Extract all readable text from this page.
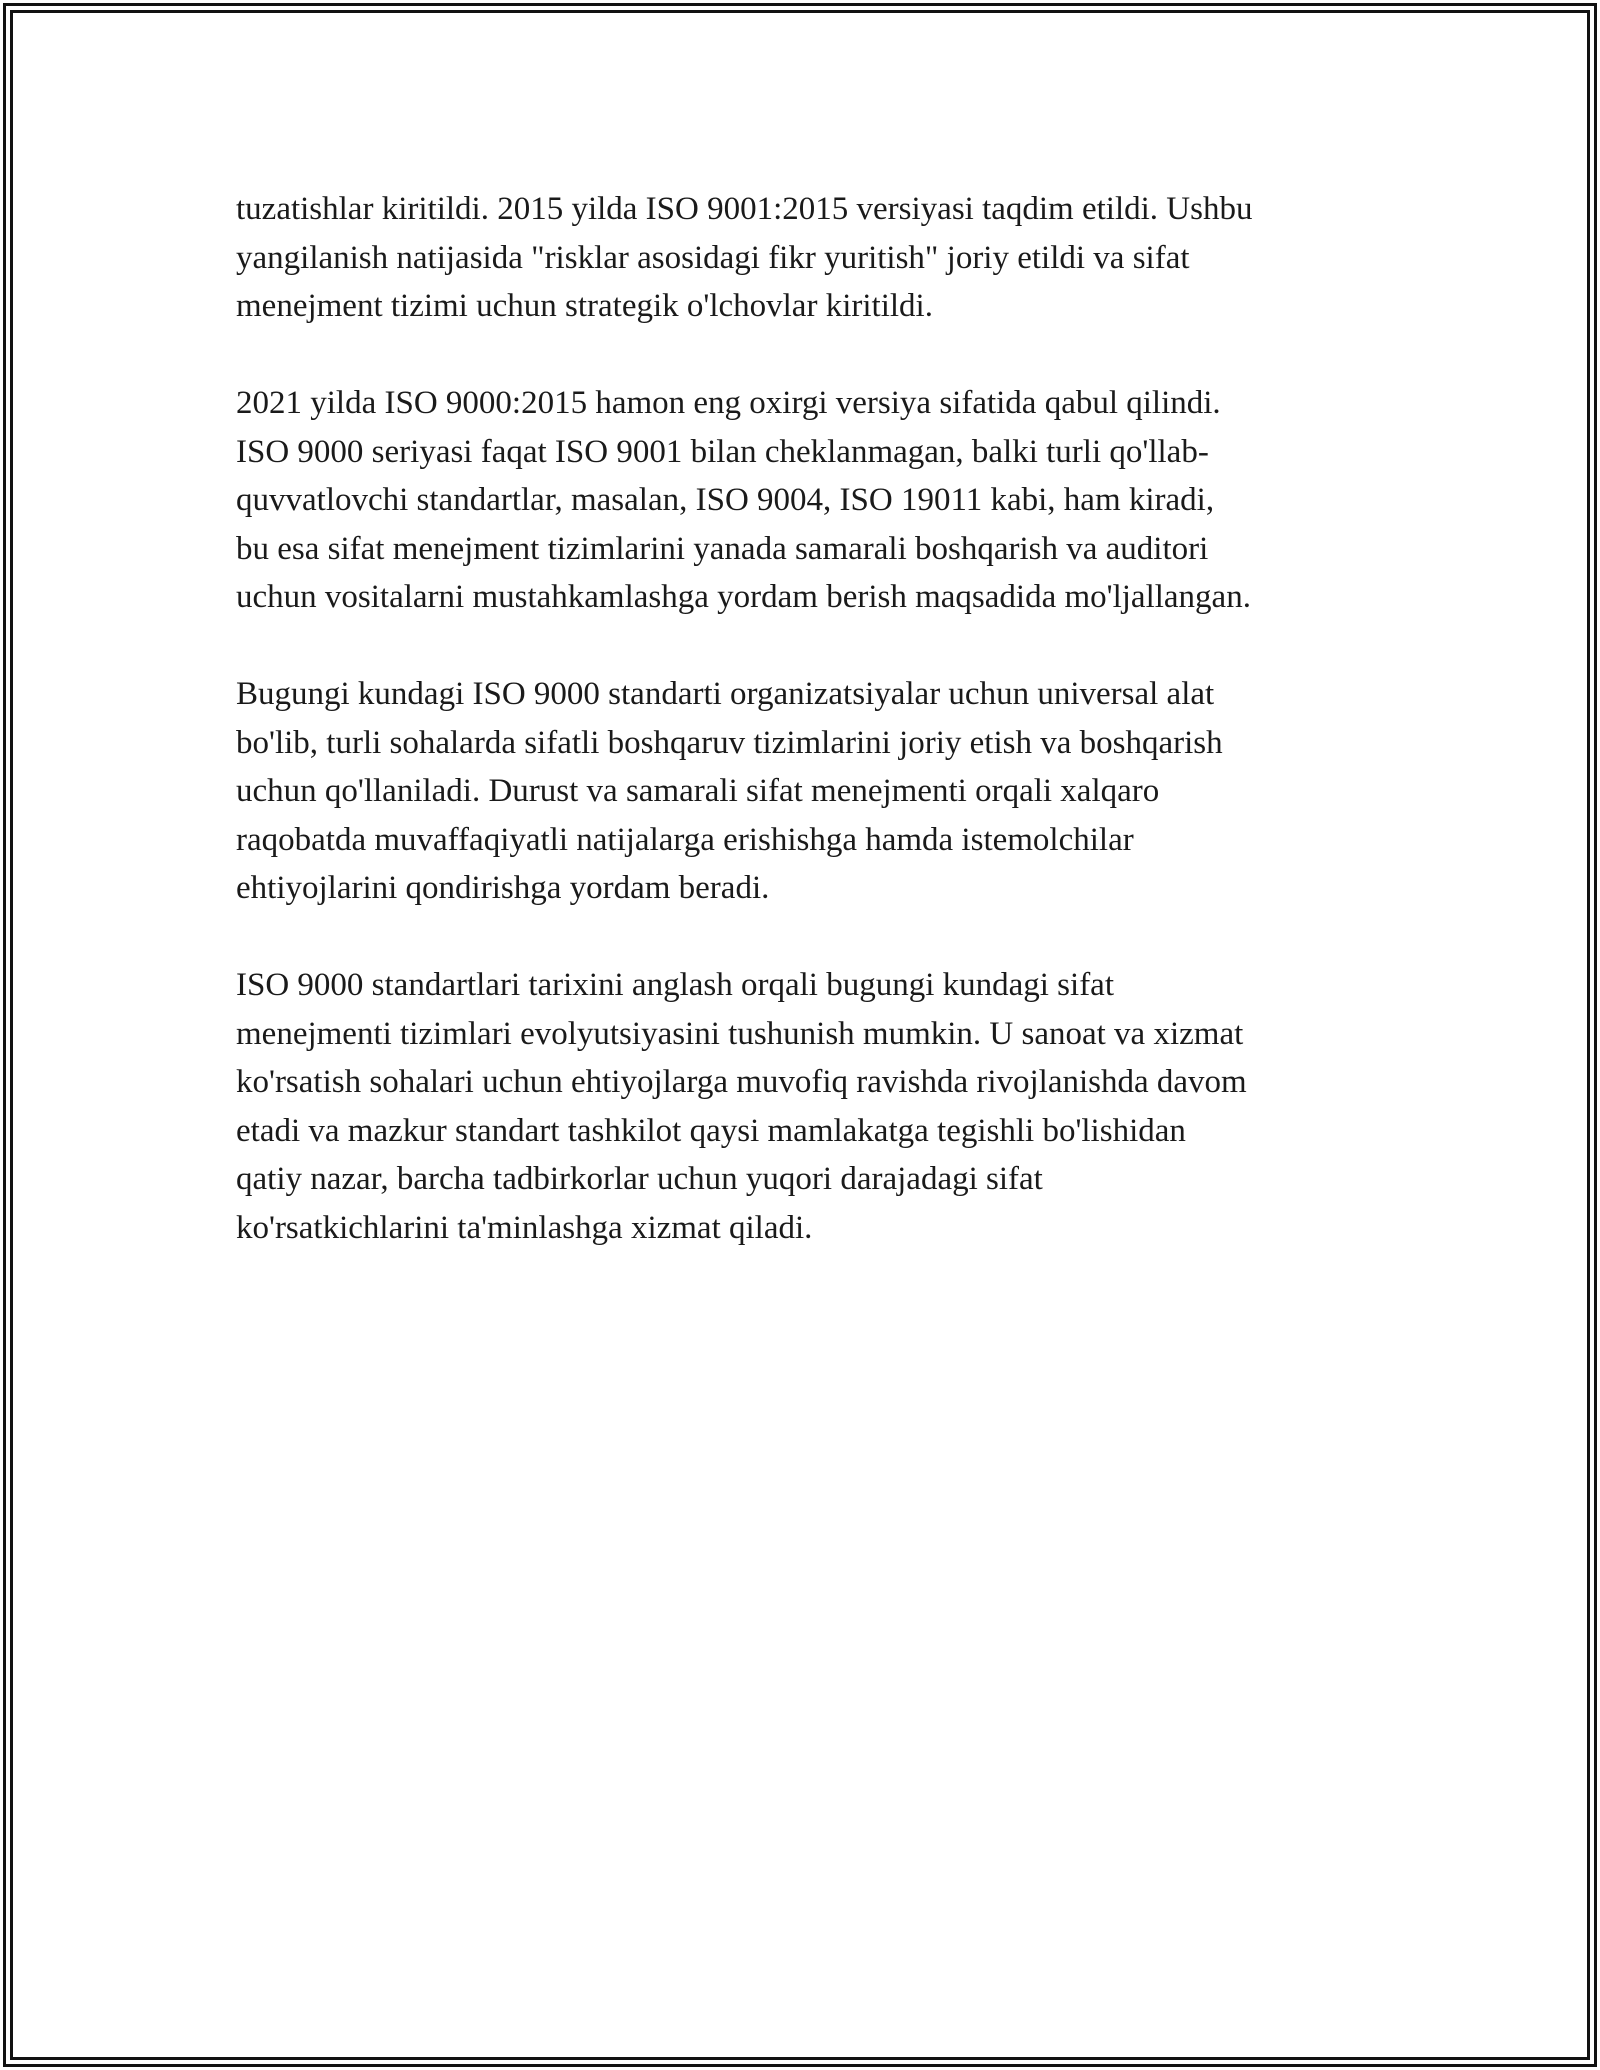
tuzatishlar kiritildi. 2015 yilda ISO 9001:2015 versiyasi taqdim etildi. Ushbu
yangilanish natijasida "risklar asosidagi fikr yuritish" joriy etildi va sifat
menejment tizimi uchun strategik o'lchovlar kiritildi.

2021 yilda ISO 9000:2015 hamon eng oxirgi versiya sifatida qabul qilindi.
ISO 9000 seriyasi faqat ISO 9001 bilan cheklanmagan, balki turli qo'llab-
quvvatlovchi standartlar, masalan, ISO 9004, ISO 19011 kabi, ham kiradi,
bu esa sifat menejment tizimlarini yanada samarali boshqarish va auditori
uchun vositalarni mustahkamlashga yordam berish maqsadida mo'ljallangan.

Bugungi kundagi ISO 9000 standarti organizatsiyalar uchun universal alat
bo'lib, turli sohalarda sifatli boshqaruv tizimlarini joriy etish va boshqarish
uchun qo'llaniladi. Durust va samarali sifat menejmenti orqali xalqaro
raqobatda muvaffaqiyatli natijalarga erishishga hamda istemolchilar
ehtiyojlarini qondirishga yordam beradi.

ISO 9000 standartlari tarixini anglash orqali bugungi kundagi sifat
menejmenti tizimlari evolyutsiyasini tushunish mumkin. U sanoat va xizmat
ko'rsatish sohalari uchun ehtiyojlarga muvofiq ravishda rivojlanishda davom
etadi va mazkur standart tashkilot qaysi mamlakatga tegishli bo'lishidan
qatiy nazar, barcha tadbirkorlar uchun yuqori darajadagi sifat
ko'rsatkichlarini ta'minlashga xizmat qiladi.
